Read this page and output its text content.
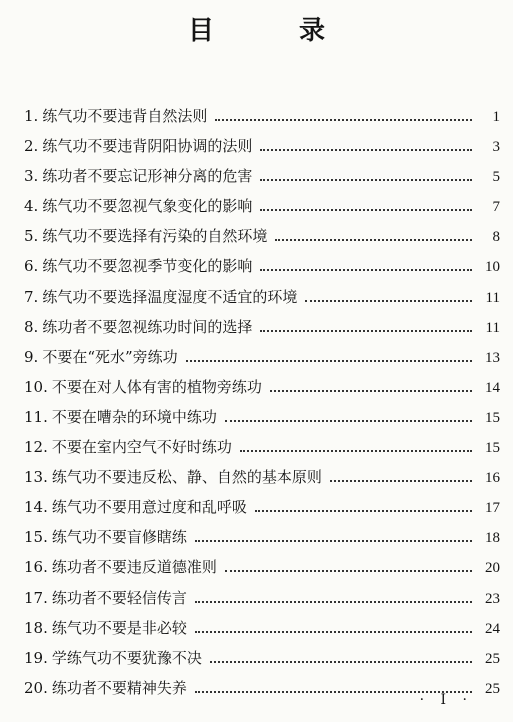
目 录
1. 练气功不要违背自然法则	1
2. 练气功不要违背阴阳协调的法则	3
3. 练功者不要忘记形神分离的危害	5
4. 练气功不要忽视气象变化的影响	7
5. 练气功不要选择有污染的自然环境	8
6. 练气功不要忽视季节变化的影响	10
7. 练气功不要选择温度湿度不适宜的环境	11
8. 练功者不要忽视练功时间的选择	11
9. 不要在“死水”旁练功	13
10. 不要在对人体有害的植物旁练功	14
11. 不要在嘈杂的环境中练功	15
12. 不要在室内空气不好时练功	15
13. 练气功不要违反松、静、自然的基本原则	16
14. 练气功不要用意过度和乱呼吸	17
15. 练气功不要盲修瞎练	18
16. 练功者不要违反道德准则	20
17. 练功者不要轻信传言	23
18. 练气功不要是非必较	24
19. 学练气功不要犹豫不决	25
20. 练功者不要精神失养	25
· I ·
